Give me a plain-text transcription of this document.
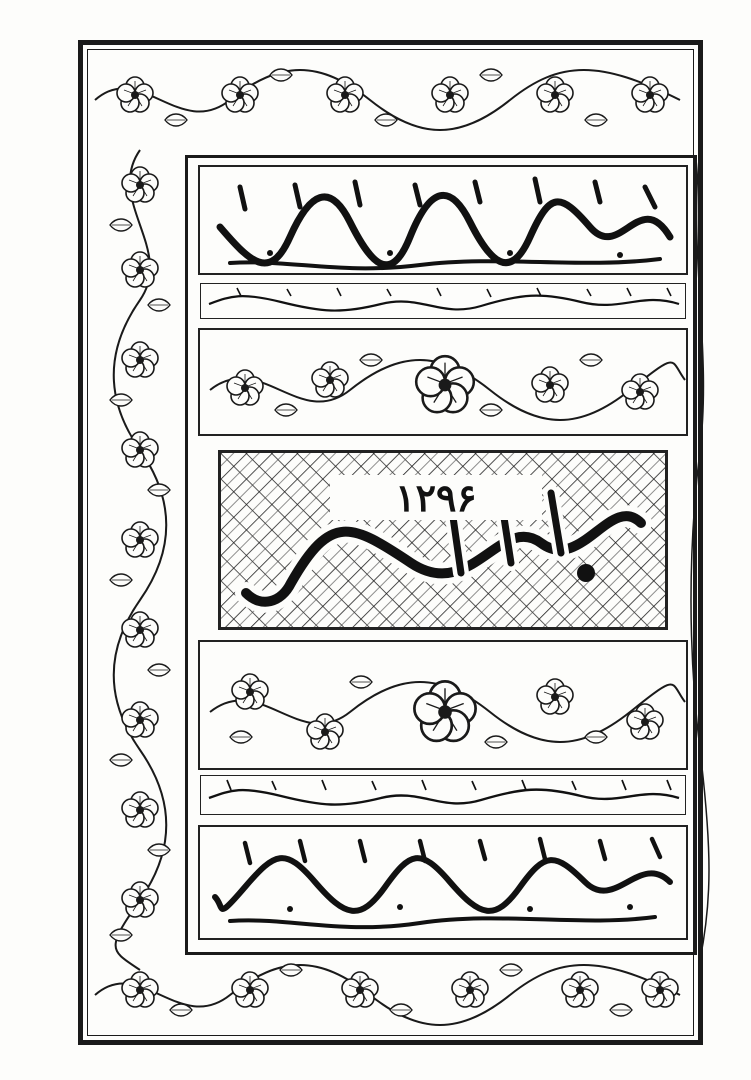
۱۲۹۶
